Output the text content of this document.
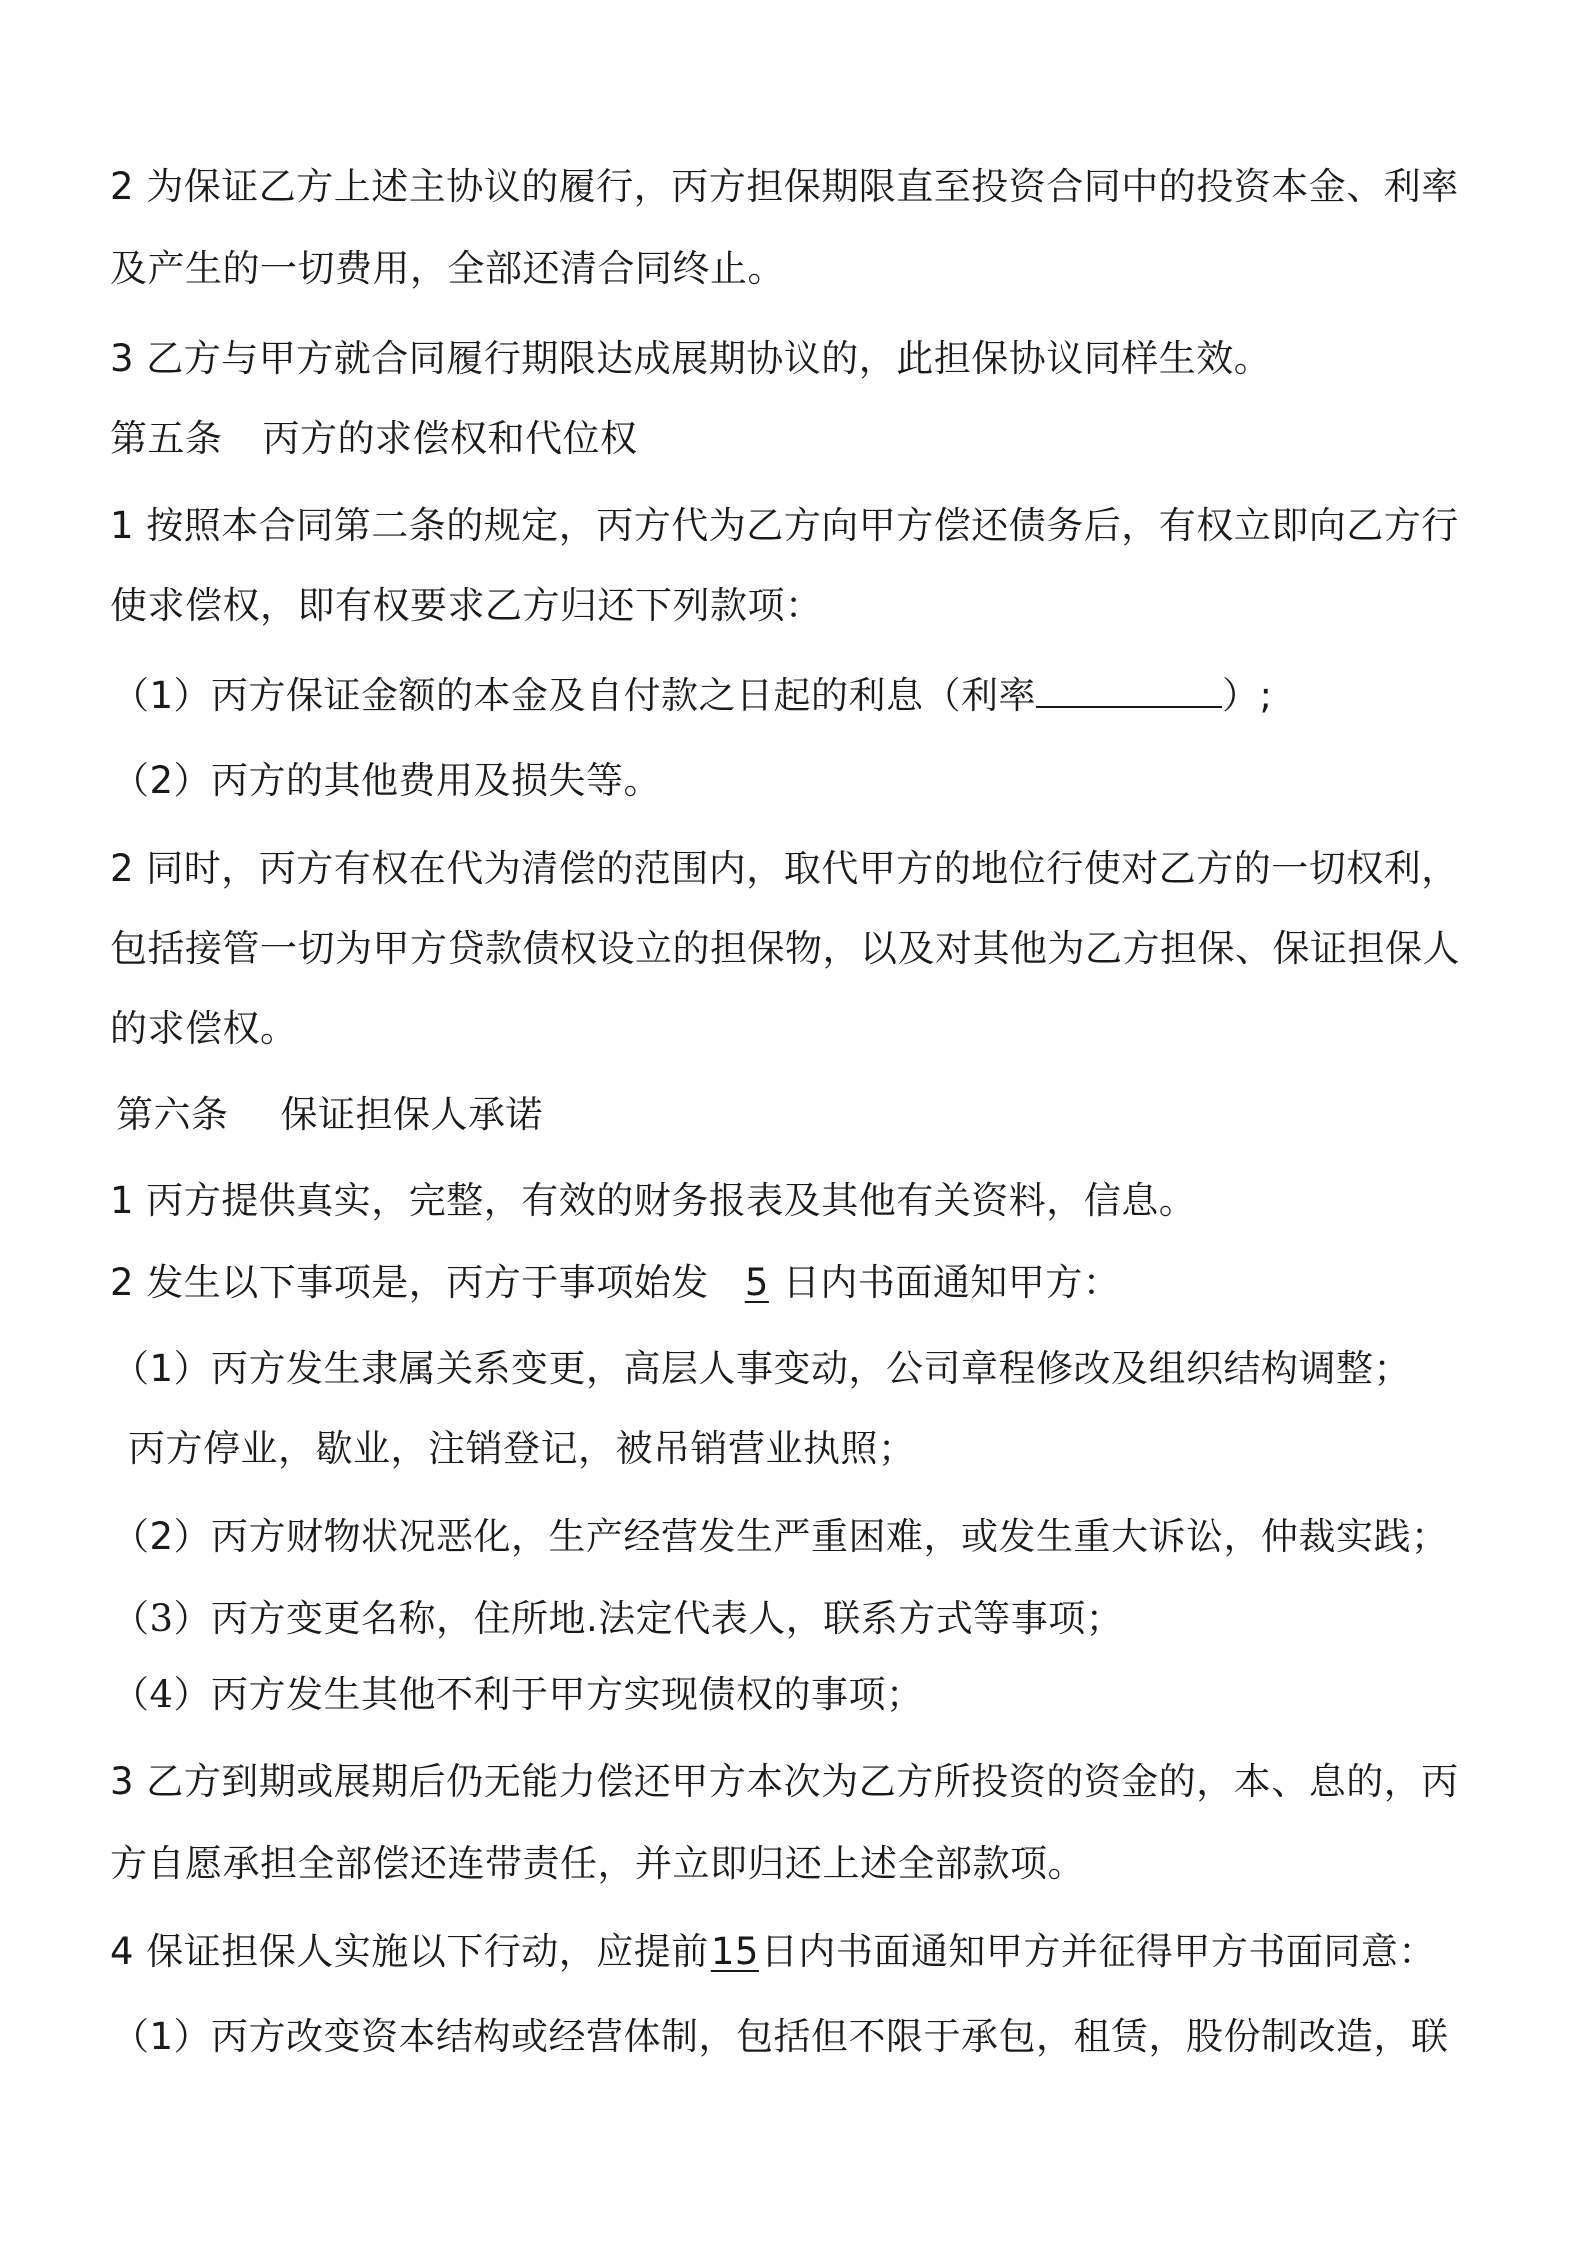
2 为保证乙方上述主协议的履行，丙方担保期限直至投资合同中的投资本金、利率

及产生的一切费用，全部还清合同终止。

3 乙方与甲方就合同履行期限达成展期协议的，此担保协议同样生效。

第五条 丙方的求偿权和代位权

1 按照本合同第二条的规定，丙方代为乙方向甲方偿还债务后，有权立即向乙方行

使求偿权，即有权要求乙方归还下列款项：

（1）丙方保证金额的本金及自付款之日起的利息（利率	）;

（2）丙方的其他费用及损失等。

2 同时，丙方有权在代为清偿的范围内，取代甲方的地位行使对乙方的一切权利，

包括接管一切为甲方贷款债权设立的担保物，以及对其他为乙方担保、保证担保人

的求偿权。

第六条 保证担保人承诺

1 丙方提供真实，完整，有效的财务报表及其他有关资料，信息。

2 发生以下事项是，丙方于事项始发 5 日内书面通知甲方：

（1）丙方发生隶属关系变更，高层人事变动，公司章程修改及组织结构调整；

丙方停业，歇业，注销登记，被吊销营业执照；

（2）丙方财物状况恶化，生产经营发生严重困难，或发生重大诉讼，仲裁实践；

（3）丙方变更名称，住所地.法定代表人，联系方式等事项；

（4）丙方发生其他不利于甲方实现债权的事项；

3 乙方到期或展期后仍无能力偿还甲方本次为乙方所投资的资金的，本、息的，丙

方自愿承担全部偿还连带责任，并立即归还上述全部款项。

4 保证担保人实施以下行动，应提前15日内书面通知甲方并征得甲方书面同意：

（1）丙方改变资本结构或经营体制，包括但不限于承包，租赁，股份制改造，联
